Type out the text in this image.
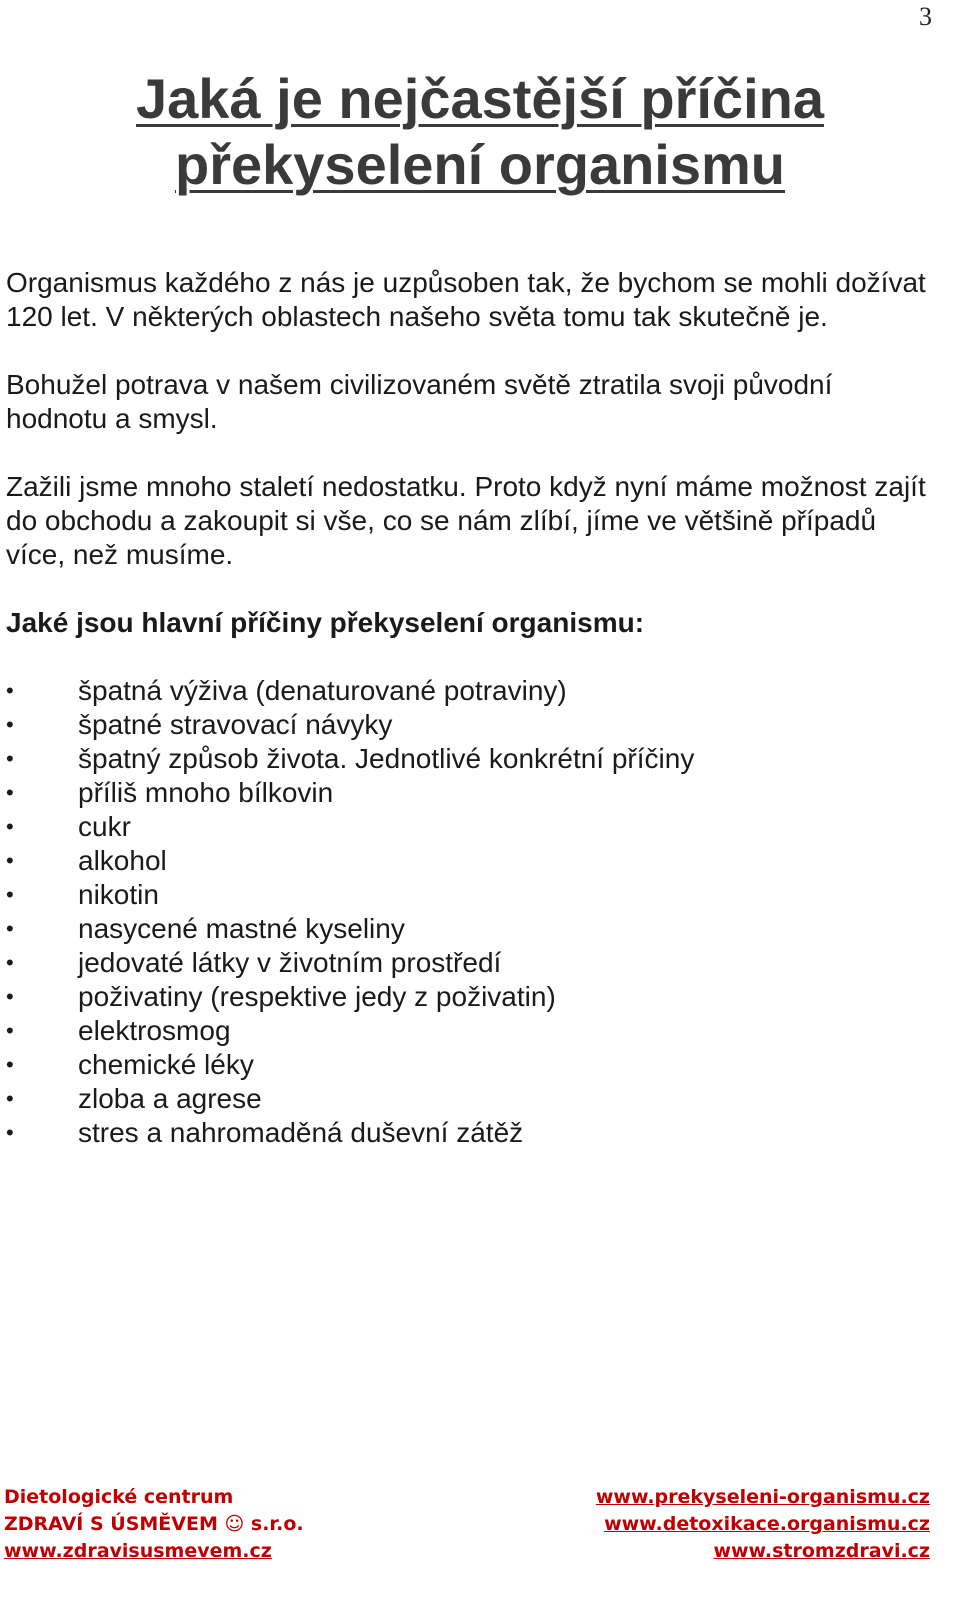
3
Jaká je nejčastější příčina
překyselení organismu

Organismus každého z nás je uzpůsoben tak, že bychom se mohli dožívat 120 let. V některých oblastech našeho světa tomu tak skutečně je.

Bohužel potrava v našem civilizovaném světě ztratila svoji původní hodnotu a smysl.

Zažili jsme mnoho staletí nedostatku. Proto když nyní máme možnost zajít do obchodu a zakoupit si vše, co se nám zlíbí, jíme ve většině případů více, než musíme.

Jaké jsou hlavní příčiny překyselení organismu:

• špatná výživa (denaturované potraviny)
• špatné stravovací návyky
• špatný způsob života. Jednotlivé konkrétní příčiny
• příliš mnoho bílkovin
• cukr
• alkohol
• nikotin
• nasycené mastné kyseliny
• jedovaté látky v životním prostředí
• poživatiny (respektive jedy z poživatin)
• elektrosmog
• chemické léky
• zloba a agrese
• stres a nahromaděná duševní zátěž
Dietologické centrum
ZDRAVÍ S ÚSMĚVEM ☺ s.r.o.
www.zdravisusmevem.cz
www.prekyseleni-organismu.cz
www.detoxikace.organismu.cz
www.stromzdravi.cz
